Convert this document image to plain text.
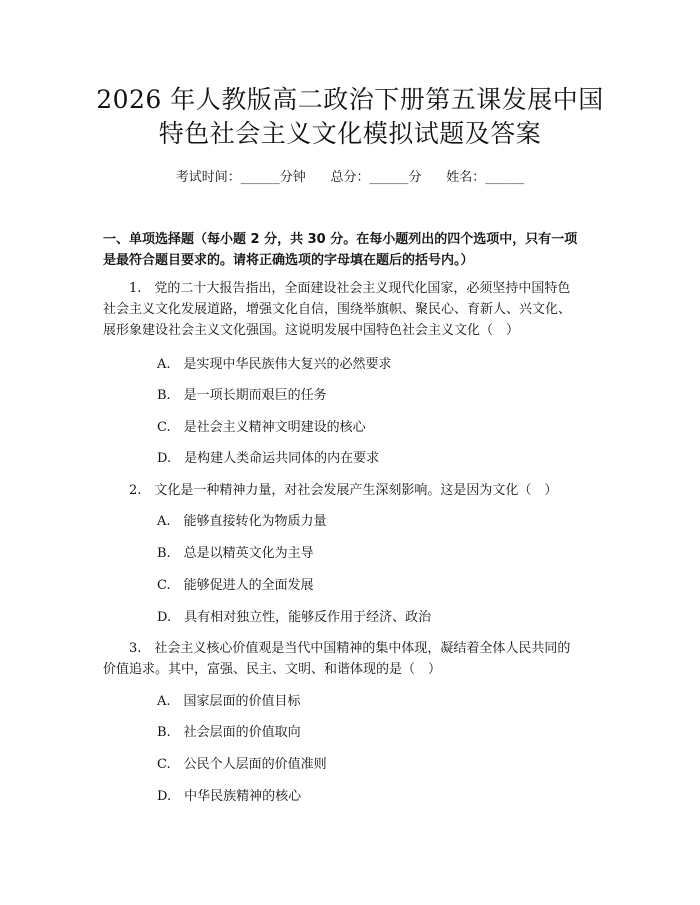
2026 年人教版高二政治下册第五课发展中国
特色社会主义文化模拟试题及答案
考试时间：______分钟      总分：______分      姓名：______
一、单项选择题（每小题 2 分，共 30 分。在每小题列出的四个选项中，只有一项
是最符合题目要求的。请将正确选项的字母填在题后的括号内。）
1.　党的二十大报告指出，全面建设社会主义现代化国家，必须坚持中国特色
社会主义文化发展道路，增强文化自信，围绕举旗帜、聚民心、育新人、兴文化、
展形象建设社会主义文化强国。这说明发展中国特色社会主义文化（　）
A.　是实现中华民族伟大复兴的必然要求
B.　是一项长期而艰巨的任务
C.　是社会主义精神文明建设的核心
D.　是构建人类命运共同体的内在要求
2.　文化是一种精神力量，对社会发展产生深刻影响。这是因为文化（　）
A.　能够直接转化为物质力量
B.　总是以精英文化为主导
C.　能够促进人的全面发展
D.　具有相对独立性，能够反作用于经济、政治
3.　社会主义核心价值观是当代中国精神的集中体现，凝结着全体人民共同的
价值追求。其中，富强、民主、文明、和谐体现的是（　）
A.　国家层面的价值目标
B.　社会层面的价值取向
C.　公民个人层面的价值准则
D.　中华民族精神的核心
